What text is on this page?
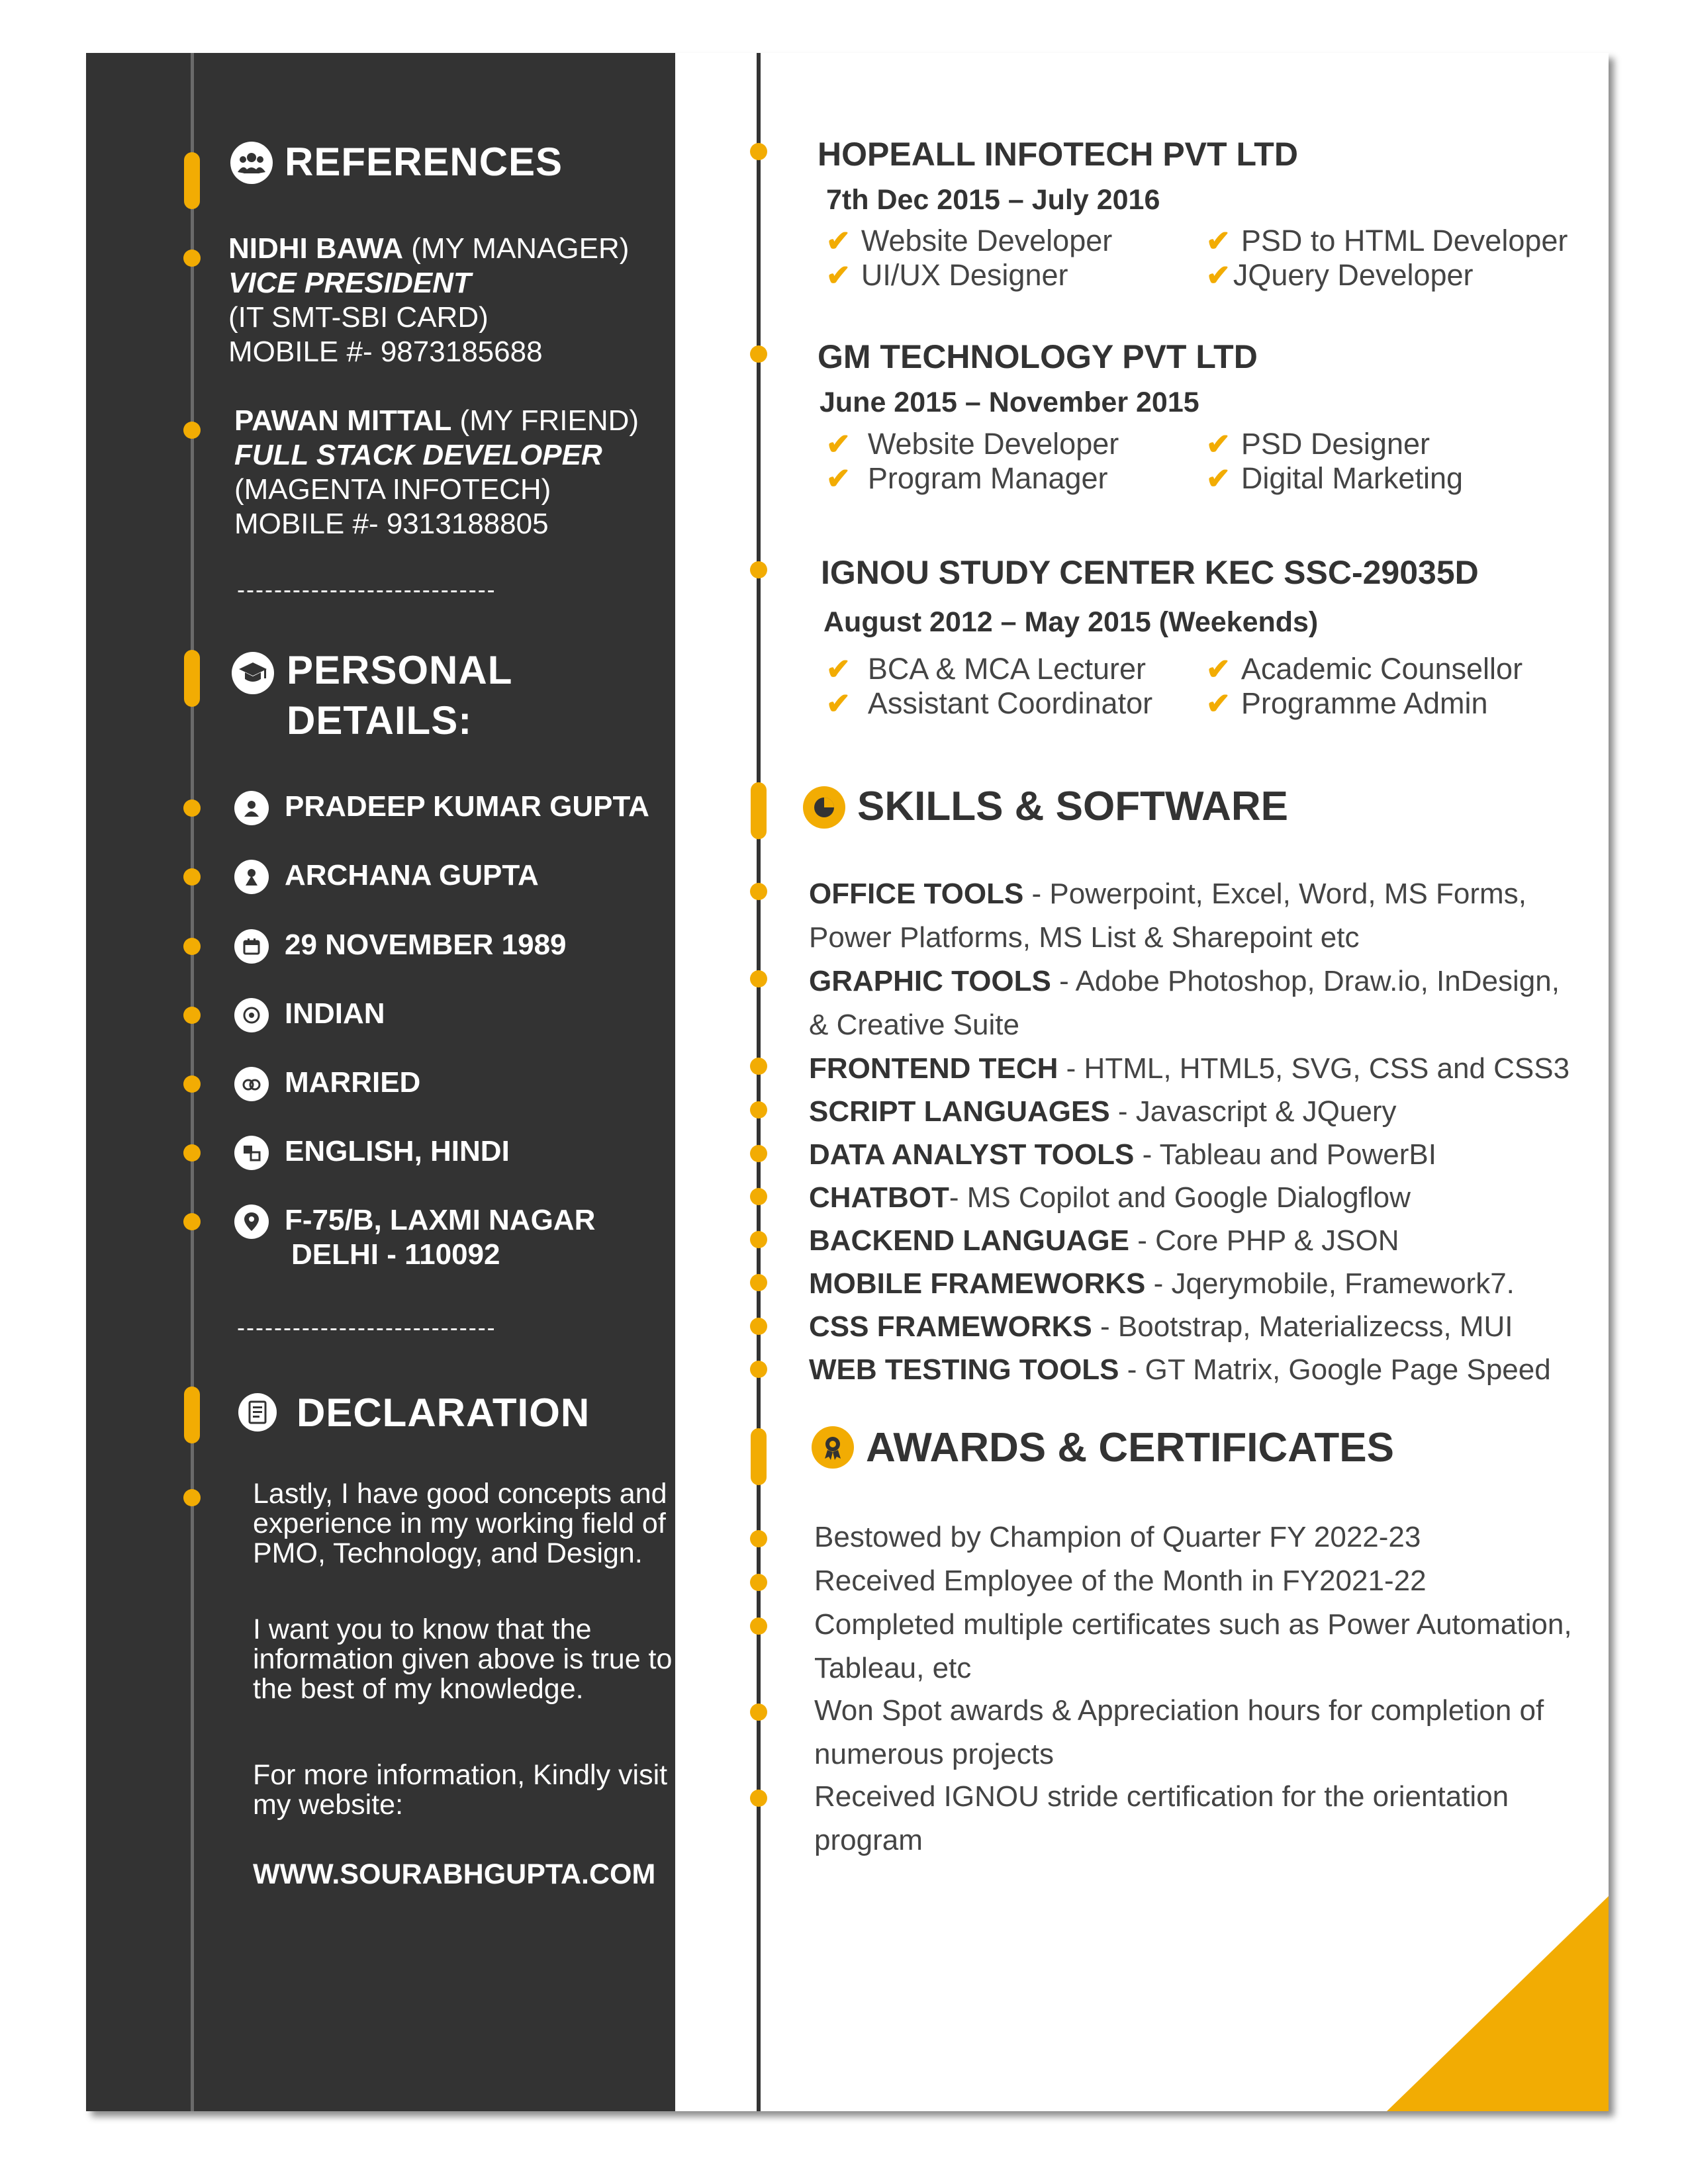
REFERENCES
NIDHI BAWA (MY MANAGER)
VICE PRESIDENT
(IT SMT-SBI CARD)
MOBILE #- 9873185688
PAWAN MITTAL (MY FRIEND)
FULL STACK DEVELOPER
(MAGENTA INFOTECH)
MOBILE #- 9313188805
----------------------------
PERSONAL
DETAILS:
PRADEEP KUMAR GUPTA
ARCHANA GUPTA
29 NOVEMBER 1989
INDIAN
MARRIED
ENGLISH, HINDI
F-75/B, LAXMI NAGAR
DELHI - 110092
----------------------------
DECLARATION
Lastly, I have good concepts and experience in my working field of PMO, Technology, and Design.
I want you to know that the information given above is true to the best of my knowledge.
For more information, Kindly visit my website:
WWW.SOURABHGUPTA.COM
HOPEALL INFOTECH PVT LTD
7th Dec 2015 – July 2016
✔ Website Developer	✔ PSD to HTML Developer
✔ UI/UX Designer	✔ JQuery Developer
GM TECHNOLOGY PVT LTD
June 2015 – November 2015
✔ Website Developer	✔ PSD Designer
✔ Program Manager	✔ Digital Marketing
IGNOU STUDY CENTER KEC SSC-29035D
August 2012 – May 2015 (Weekends)
✔ BCA & MCA Lecturer ✔ Academic Counsellor
✔ Assistant Coordinator ✔ Programme Admin
SKILLS & SOFTWARE
OFFICE TOOLS - Powerpoint, Excel, Word, MS Forms, Power Platforms, MS List & Sharepoint etc
GRAPHIC TOOLS - Adobe Photoshop, Draw.io, InDesign, & Creative Suite
FRONTEND TECH - HTML, HTML5, SVG, CSS and CSS3
SCRIPT LANGUAGES - Javascript & JQuery
DATA ANALYST TOOLS - Tableau and PowerBI
CHATBOT- MS Copilot and Google Dialogflow
BACKEND LANGUAGE - Core PHP & JSON
MOBILE FRAMEWORKS - Jqerymobile, Framework7.
CSS FRAMEWORKS - Bootstrap, Materializecss, MUI
WEB TESTING TOOLS - GT Matrix, Google Page Speed
AWARDS & CERTIFICATES
Bestowed by Champion of Quarter FY 2022-23
Received Employee of the Month in FY2021-22
Completed multiple certificates such as Power Automation, Tableau, etc
Won Spot awards & Appreciation hours for completion of numerous projects
Received IGNOU stride certification for the orientation program
